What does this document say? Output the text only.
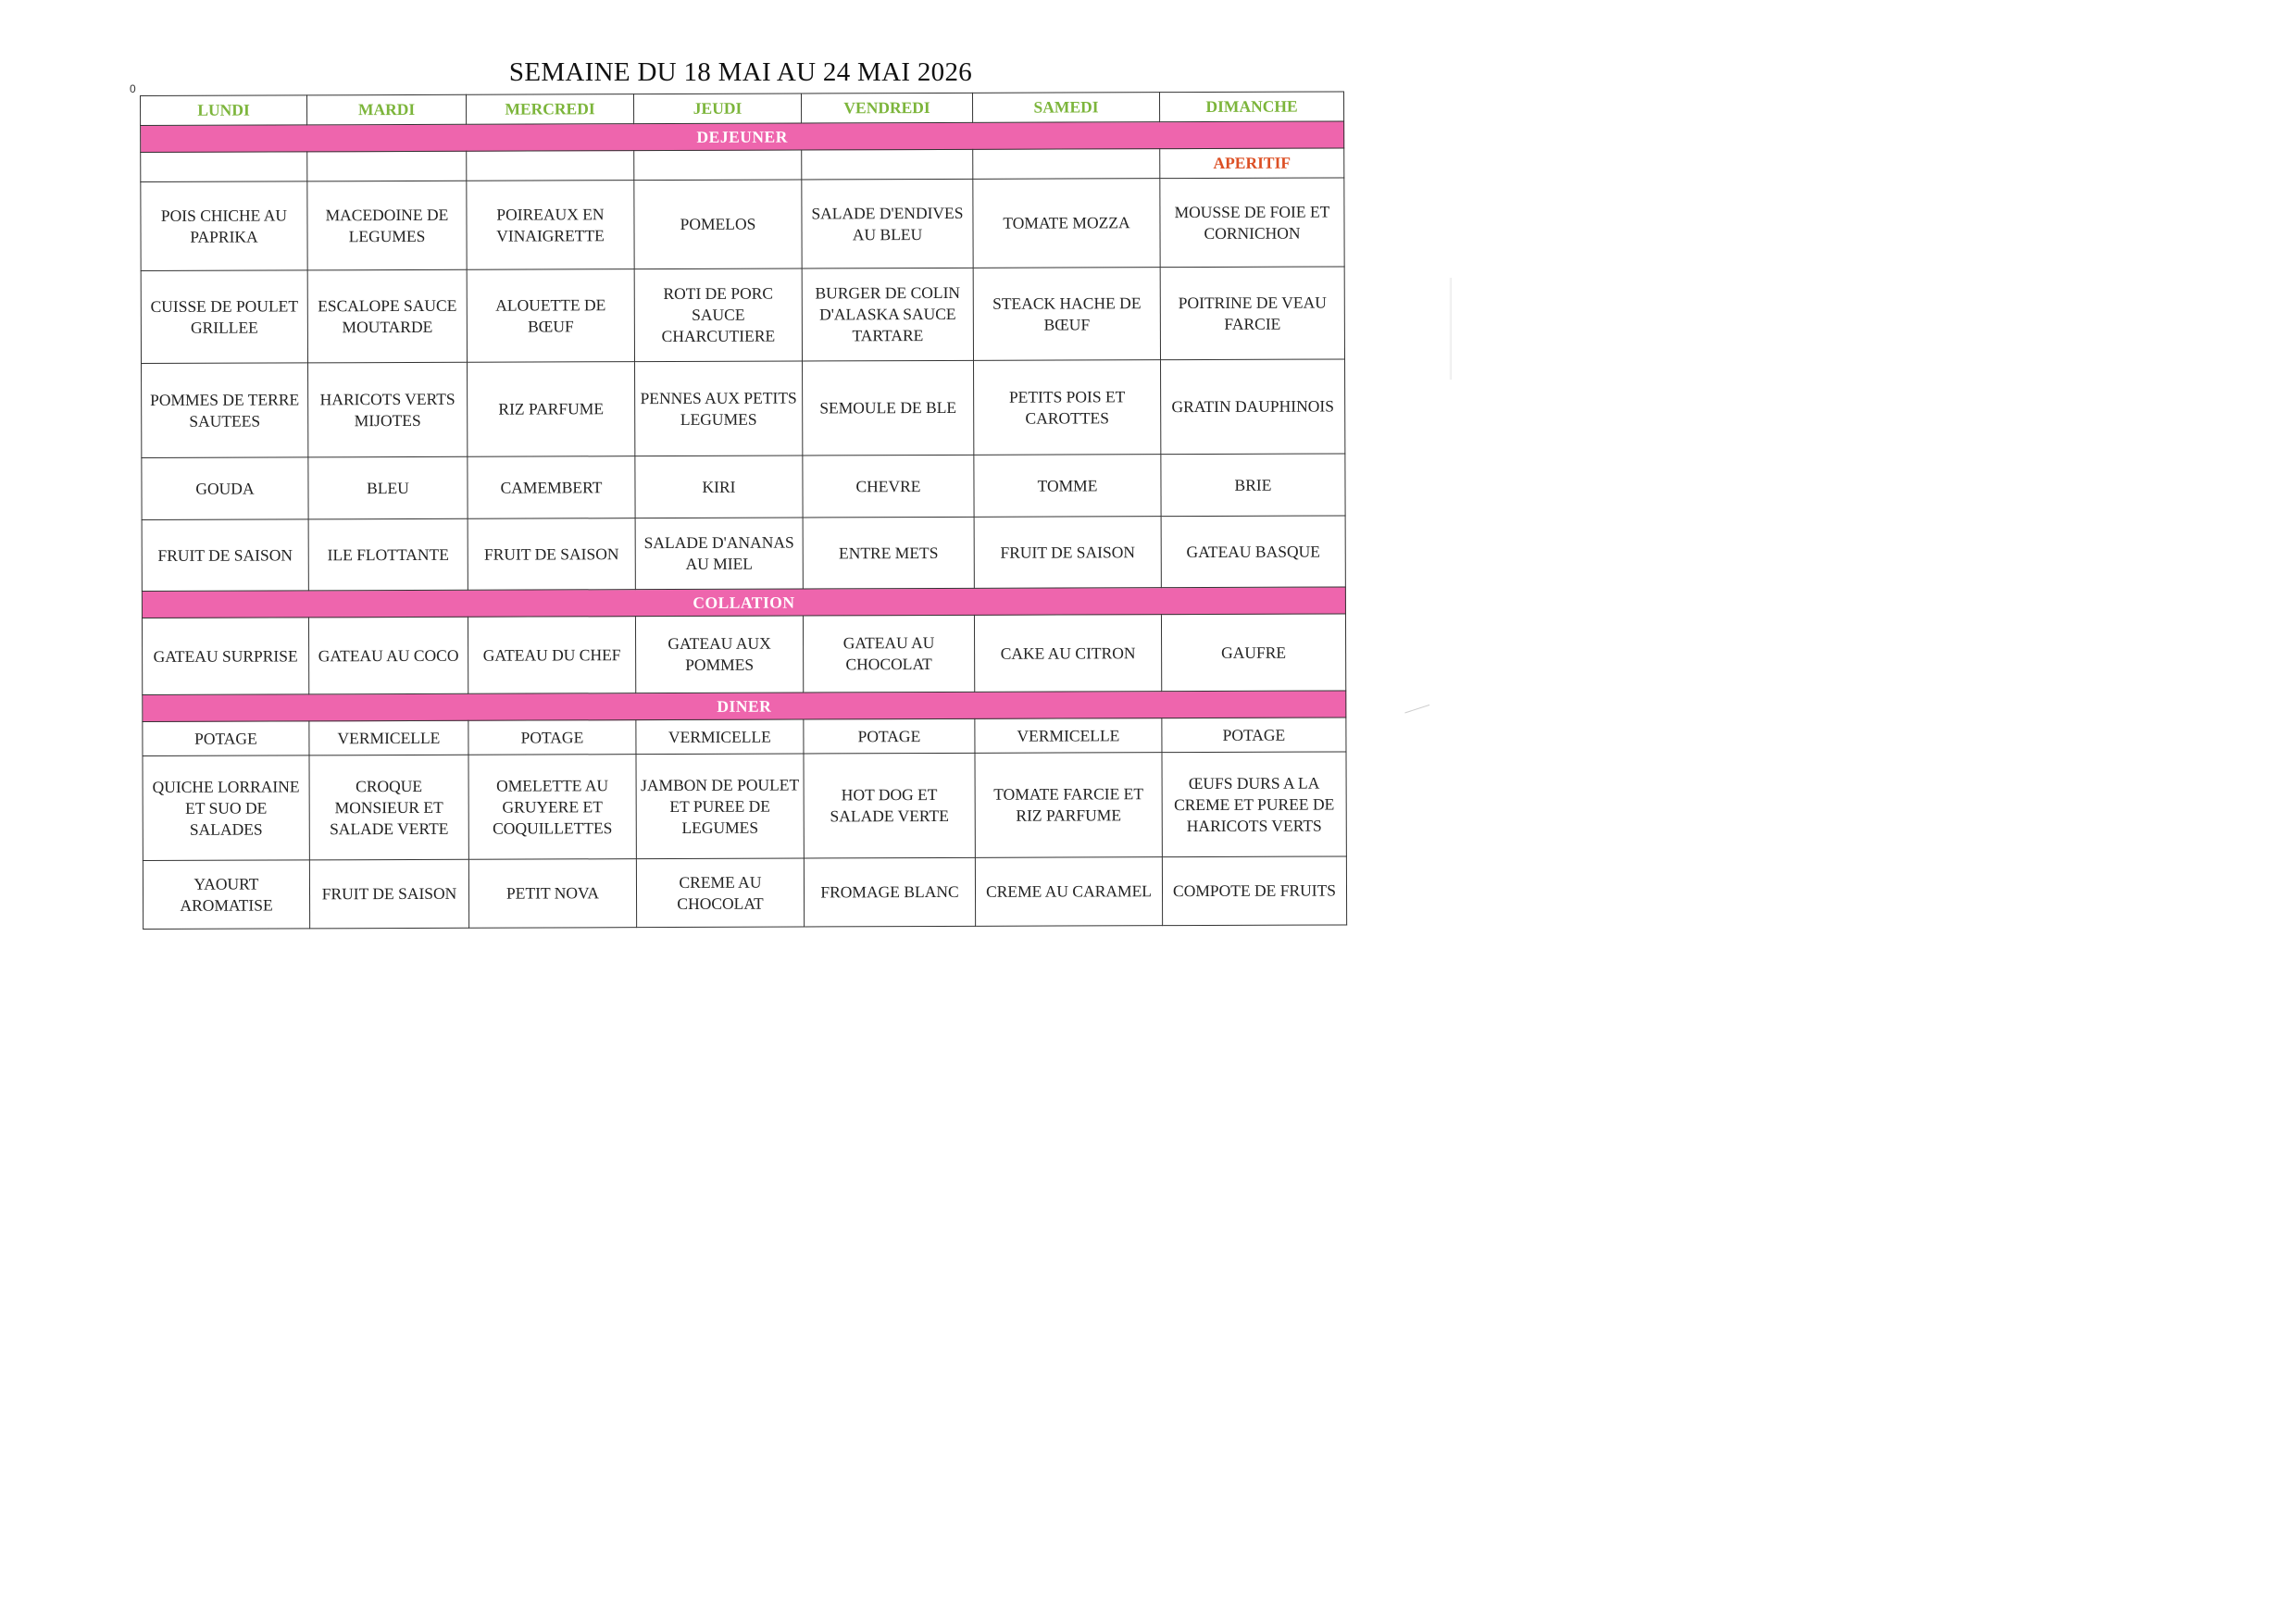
SEMAINE DU 18 MAI AU 24 MAI 2026
0
LUNDI	MARDI	MERCREDI	JEUDI	VENDREDI	SAMEDI	DIMANCHE
DEJEUNER						
						APERITIF
POIS CHICHE AU PAPRIKA	MACEDOINE DE LEGUMES	POIREAUX EN VINAIGRETTE	POMELOS	SALADE D'ENDIVES AU BLEU	TOMATE MOZZA	MOUSSE DE FOIE ET CORNICHON
CUISSE DE POULET GRILLEE	ESCALOPE SAUCE MOUTARDE	ALOUETTE DE BŒUF	ROTI DE PORC SAUCE CHARCUTIERE	BURGER DE COLIN D'ALASKA SAUCE TARTARE	STEACK HACHE DE BŒUF	POITRINE DE VEAU FARCIE
POMMES DE TERRE SAUTEES	HARICOTS VERTS MIJOTES	RIZ PARFUME	PENNES AUX PETITS LEGUMES	SEMOULE DE BLE	PETITS POIS ET CAROTTES	GRATIN DAUPHINOIS
GOUDA	BLEU	CAMEMBERT	KIRI	CHEVRE	TOMME	BRIE
FRUIT DE SAISON	ILE FLOTTANTE	FRUIT DE SAISON	SALADE D'ANANAS AU MIEL	ENTRE METS	FRUIT DE SAISON	GATEAU BASQUE
COLLATION						
GATEAU SURPRISE	GATEAU AU COCO	GATEAU DU CHEF	GATEAU AUX POMMES	GATEAU AU CHOCOLAT	CAKE AU CITRON	GAUFRE
DINER						
POTAGE	VERMICELLE	POTAGE	VERMICELLE	POTAGE	VERMICELLE	POTAGE
QUICHE LORRAINE ET SUO DE SALADES	CROQUE MONSIEUR ET SALADE VERTE	OMELETTE AU GRUYERE ET COQUILLETTES	JAMBON DE POULET ET PUREE DE LEGUMES	HOT DOG ET SALADE VERTE	TOMATE FARCIE ET RIZ PARFUME	ŒUFS DURS A LA CREME ET PUREE DE HARICOTS VERTS
YAOURT AROMATISE	FRUIT DE SAISON	PETIT NOVA	CREME AU CHOCOLAT	FROMAGE BLANC	CREME AU CARAMEL	COMPOTE DE FRUITS
